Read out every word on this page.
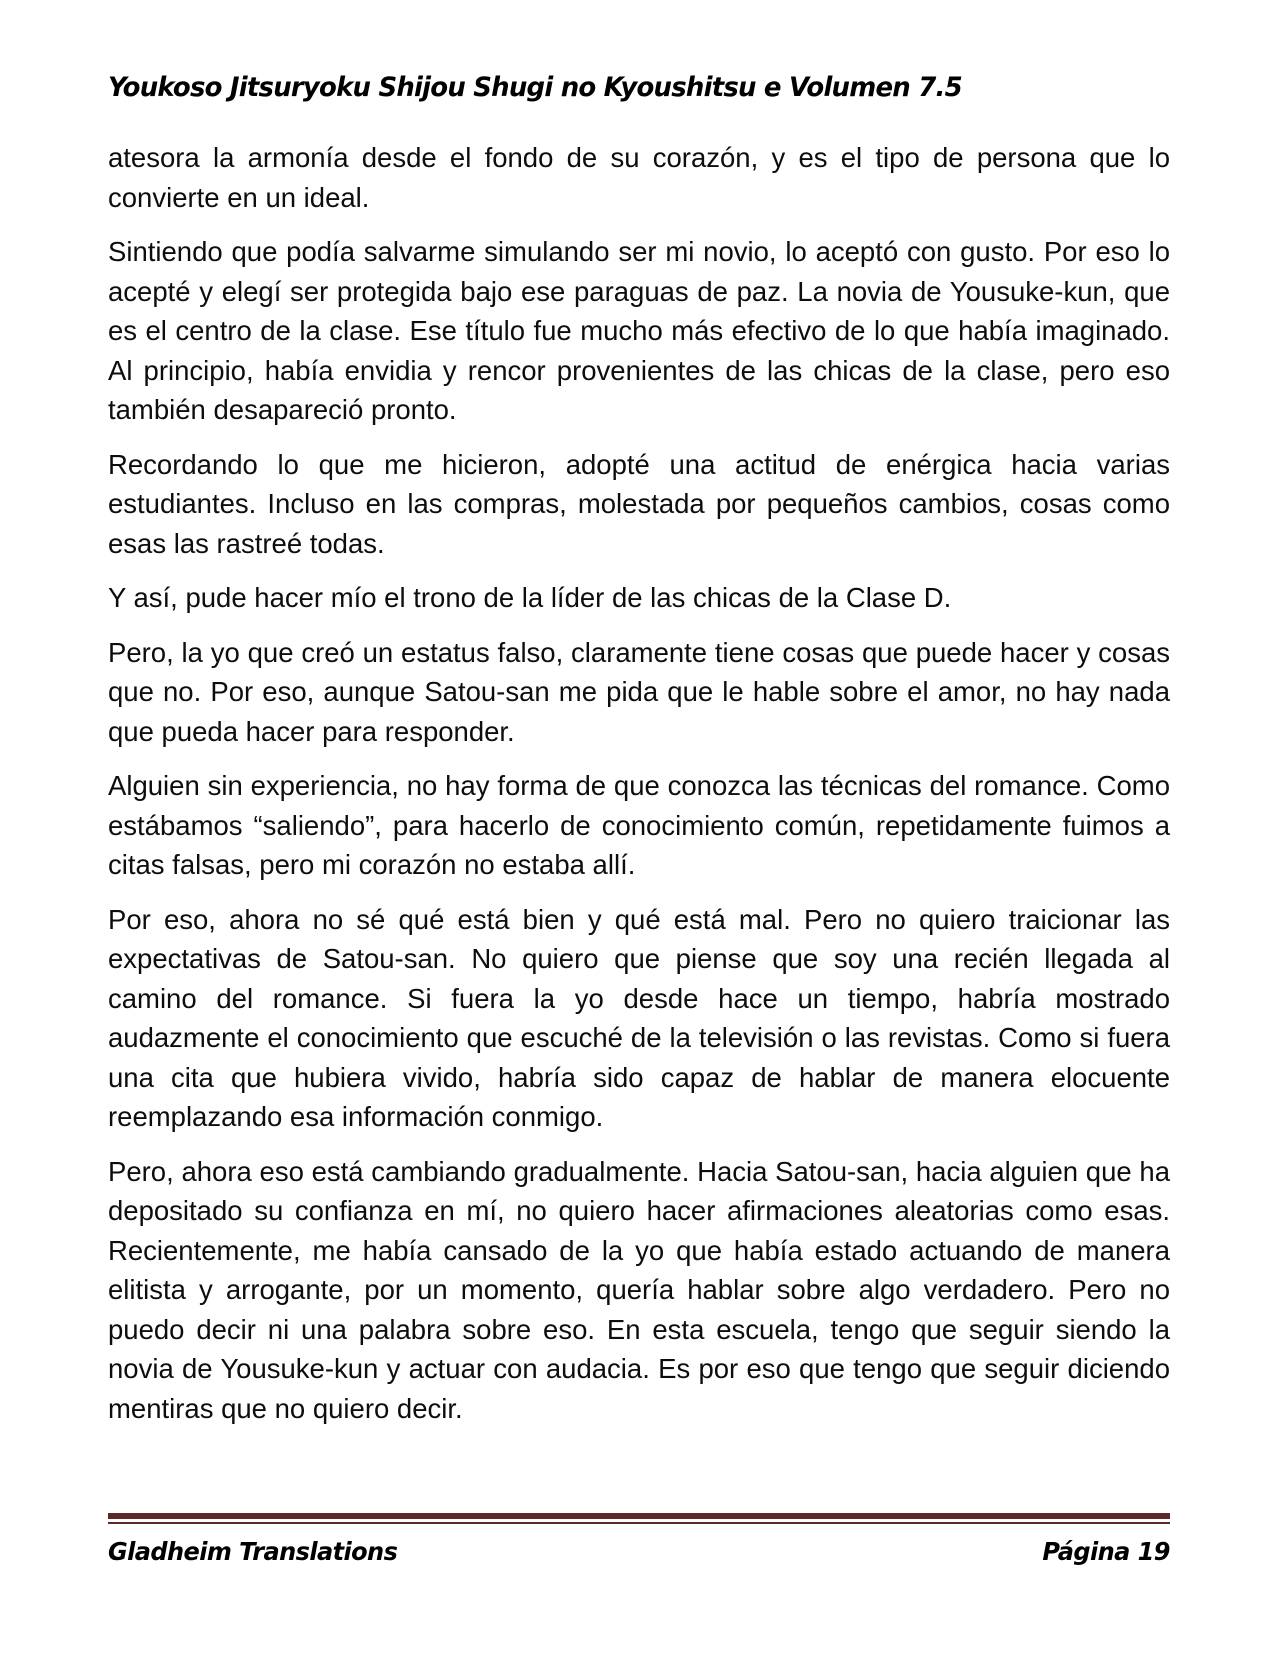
Youkoso Jitsuryoku Shijou Shugi no Kyoushitsu e Volumen 7.5

atesora la armonía desde el fondo de su corazón, y es el tipo de persona que lo convierte en un ideal.

Sintiendo que podía salvarme simulando ser mi novio, lo aceptó con gusto. Por eso lo acepté y elegí ser protegida bajo ese paraguas de paz. La novia de Yousuke-kun, que es el centro de la clase. Ese título fue mucho más efectivo de lo que había imaginado. Al principio, había envidia y rencor provenientes de las chicas de la clase, pero eso también desapareció pronto.

Recordando lo que me hicieron, adopté una actitud de enérgica hacia varias estudiantes. Incluso en las compras, molestada por pequeños cambios, cosas como esas las rastreé todas.

Y así, pude hacer mío el trono de la líder de las chicas de la Clase D.

Pero, la yo que creó un estatus falso, claramente tiene cosas que puede hacer y cosas que no. Por eso, aunque Satou-san me pida que le hable sobre el amor, no hay nada que pueda hacer para responder.

Alguien sin experiencia, no hay forma de que conozca las técnicas del romance. Como estábamos “saliendo”, para hacerlo de conocimiento común, repetidamente fuimos a citas falsas, pero mi corazón no estaba allí.

Por eso, ahora no sé qué está bien y qué está mal. Pero no quiero traicionar las expectativas de Satou-san. No quiero que piense que soy una recién llegada al camino del romance. Si fuera la yo desde hace un tiempo, habría mostrado audazmente el conocimiento que escuché de la televisión o las revistas. Como si fuera una cita que hubiera vivido, habría sido capaz de hablar de manera elocuente reemplazando esa información conmigo.

Pero, ahora eso está cambiando gradualmente. Hacia Satou-san, hacia alguien que ha depositado su confianza en mí, no quiero hacer afirmaciones aleatorias como esas. Recientemente, me había cansado de la yo que había estado actuando de manera elitista y arrogante, por un momento, quería hablar sobre algo verdadero. Pero no puedo decir ni una palabra sobre eso. En esta escuela, tengo que seguir siendo la novia de Yousuke-kun y actuar con audacia. Es por eso que tengo que seguir diciendo mentiras que no quiero decir.

Gladheim Translations	Página 19
